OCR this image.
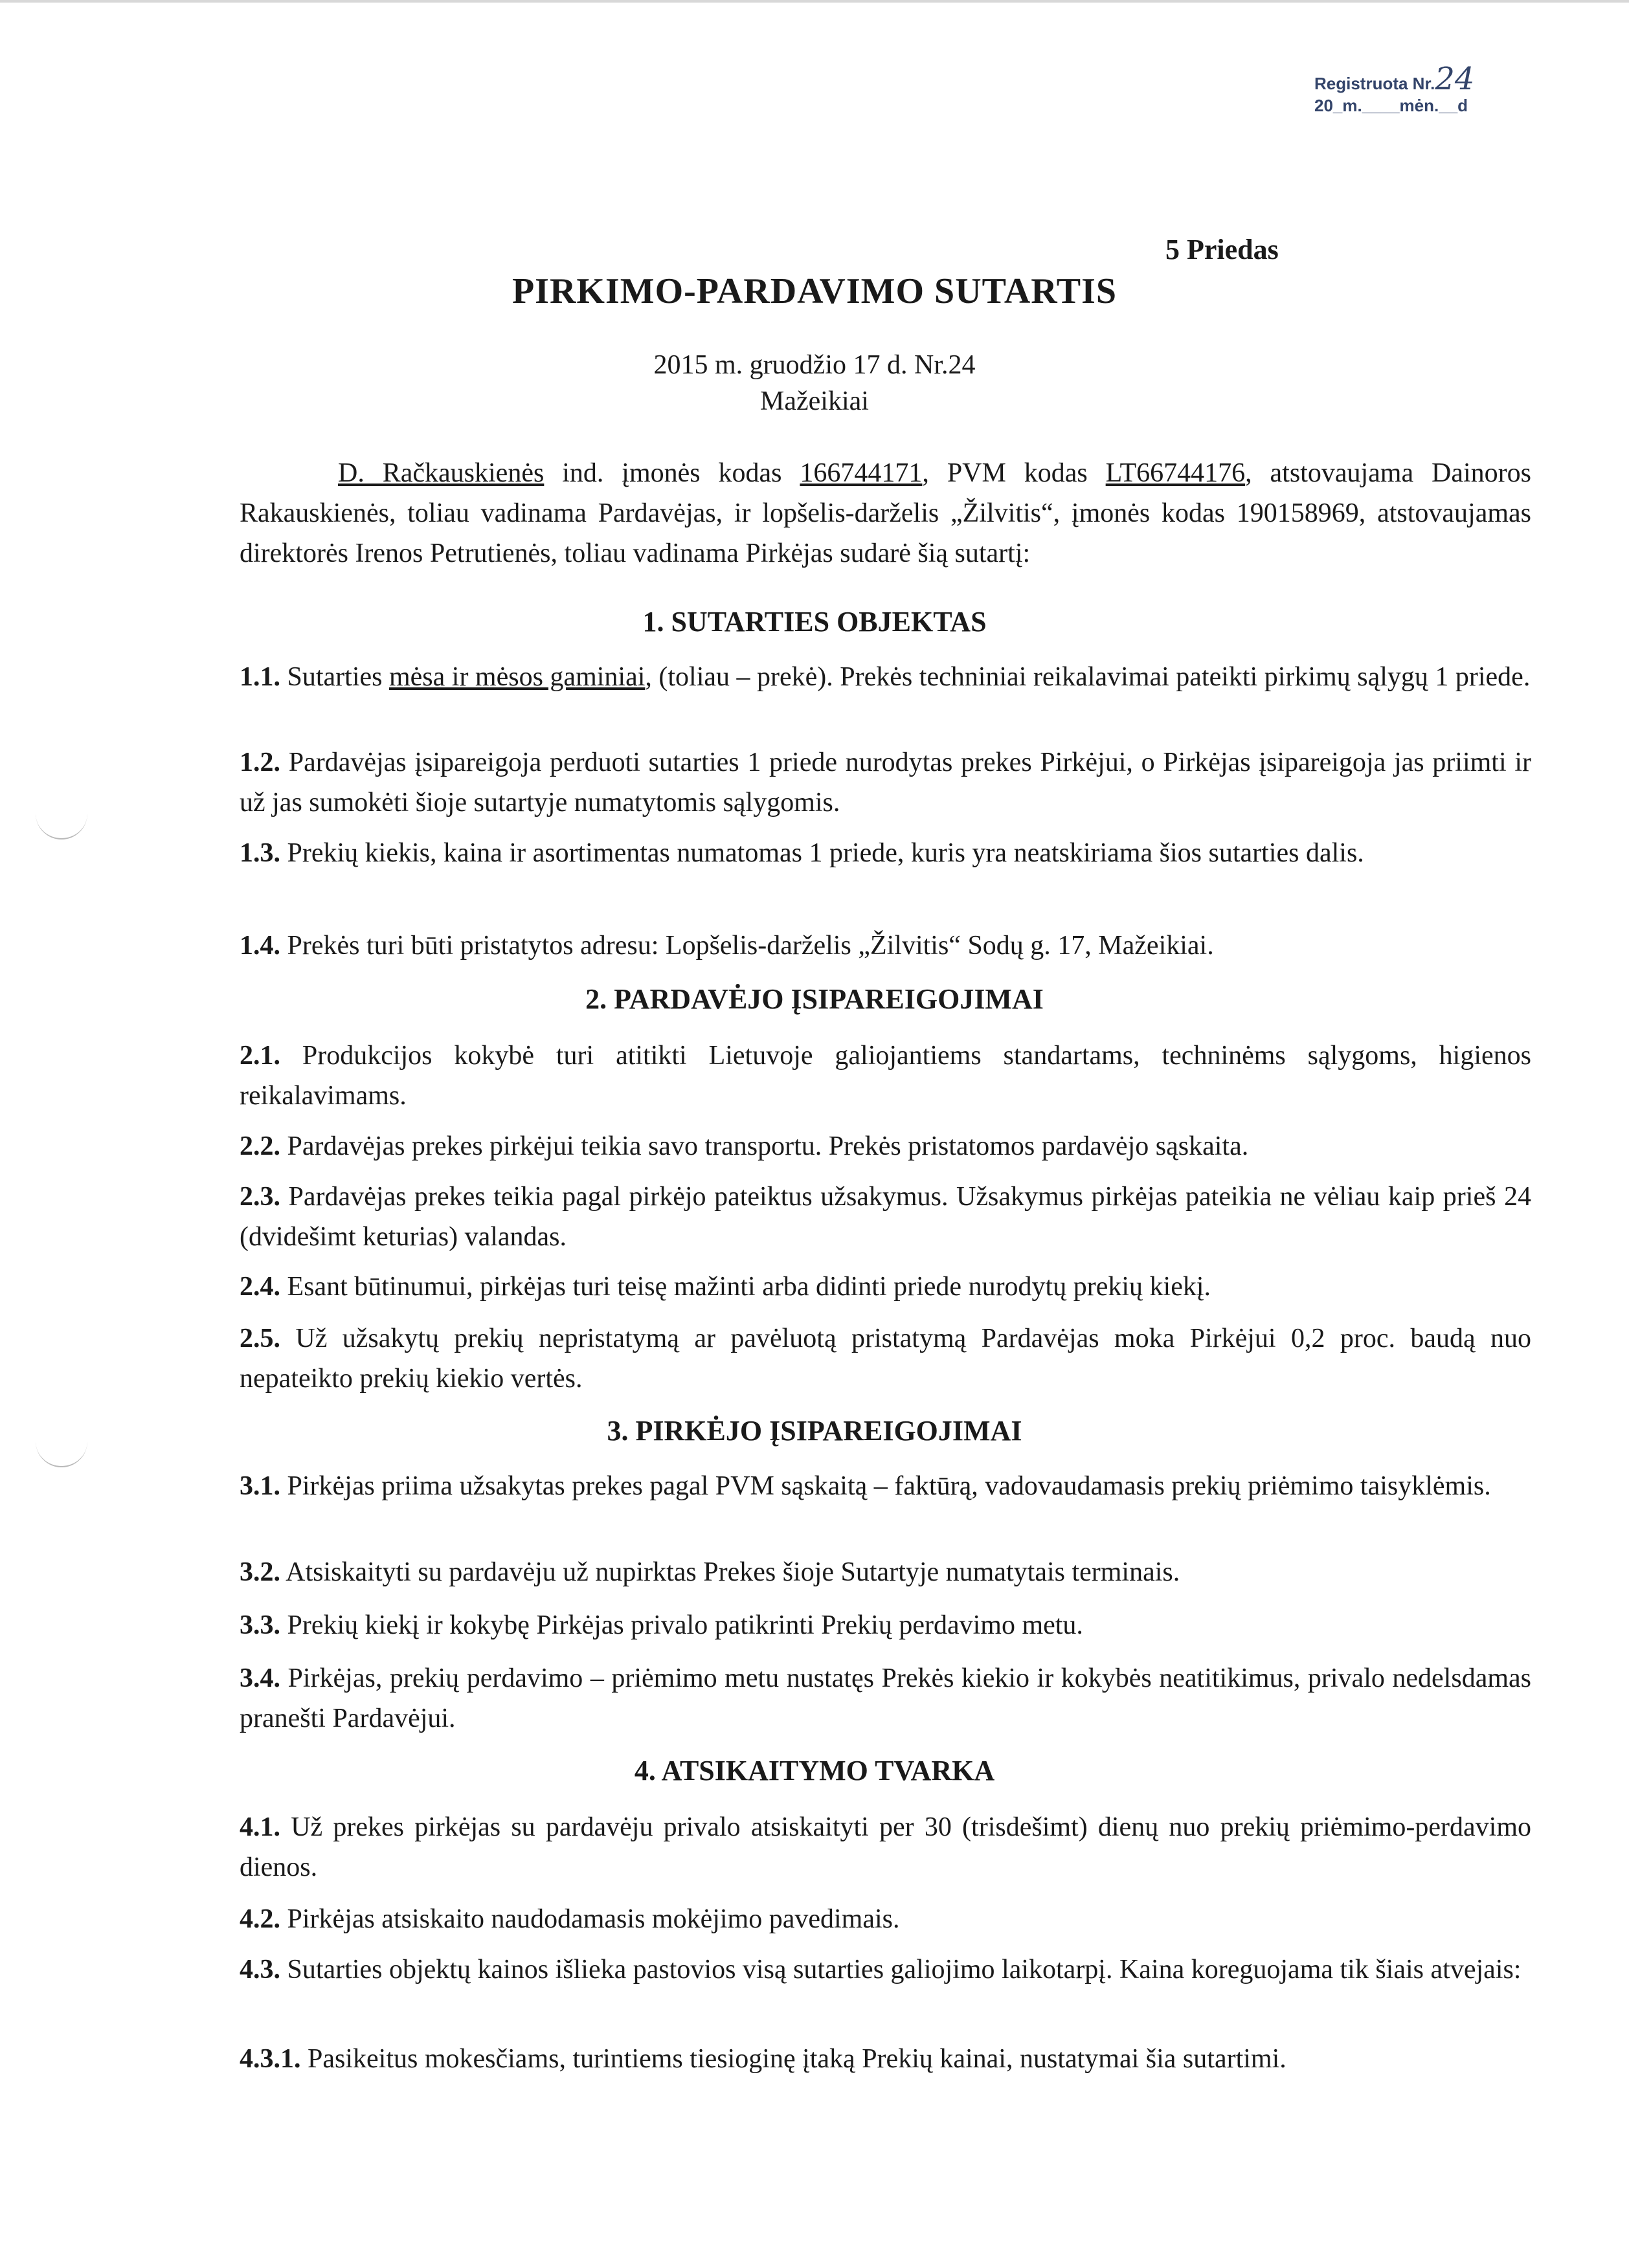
Registruota Nr.24
20_m.____mėn.__d
5 Priedas
PIRKIMO-PARDAVIMO SUTARTIS
2015 m. gruodžio 17 d. Nr.24
Mažeikiai

D. Račkauskienės ind. įmonės kodas 166744171, PVM kodas LT66744176, atstovaujama Dainoros Rakauskienės, toliau vadinama Pardavėjas, ir lopšelis-darželis „Žilvitis“, įmonės kodas 190158969, atstovaujamas direktorės Irenos Petrutienės, toliau vadinama Pirkėjas sudarė šią sutartį:

1. SUTARTIES OBJEKTAS

1.1. Sutarties mėsa ir mėsos gaminiai, (toliau – prekė). Prekės techniniai reikalavimai pateikti pirkimų sąlygų 1 priede.

1.2. Pardavėjas įsipareigoja perduoti sutarties 1 priede nurodytas prekes Pirkėjui, o Pirkėjas įsipareigoja jas priimti ir už jas sumokėti šioje sutartyje numatytomis sąlygomis.

1.3. Prekių kiekis, kaina ir asortimentas numatomas 1 priede, kuris yra neatskiriama šios sutarties dalis.

1.4. Prekės turi būti pristatytos adresu: Lopšelis-darželis „Žilvitis“ Sodų g. 17, Mažeikiai.

2. PARDAVĖJO ĮSIPAREIGOJIMAI

2.1. Produkcijos kokybė turi atitikti Lietuvoje galiojantiems standartams, techninėms sąlygoms, higienos reikalavimams.

2.2. Pardavėjas prekes pirkėjui teikia savo transportu. Prekės pristatomos pardavėjo sąskaita.

2.3. Pardavėjas prekes teikia pagal pirkėjo pateiktus užsakymus. Užsakymus pirkėjas pateikia ne vėliau kaip prieš 24 (dvidešimt keturias) valandas.

2.4. Esant būtinumui, pirkėjas turi teisę mažinti arba didinti priede nurodytų prekių kiekį.

2.5. Už užsakytų prekių nepristatymą ar pavėluotą pristatymą Pardavėjas moka Pirkėjui 0,2 proc. baudą nuo nepateikto prekių kiekio vertės.

3. PIRKĖJO ĮSIPAREIGOJIMAI

3.1. Pirkėjas priima užsakytas prekes pagal PVM sąskaitą – faktūrą, vadovaudamasis prekių priėmimo taisyklėmis.

3.2. Atsiskaityti su pardavėju už nupirktas Prekes šioje Sutartyje numatytais terminais.

3.3. Prekių kiekį ir kokybę Pirkėjas privalo patikrinti Prekių perdavimo metu.

3.4. Pirkėjas, prekių perdavimo – priėmimo metu nustatęs Prekės kiekio ir kokybės neatitikimus, privalo nedelsdamas pranešti Pardavėjui.

4. ATSIKAITYMO TVARKA

4.1. Už prekes pirkėjas su pardavėju privalo atsiskaityti per 30 (trisdešimt) dienų nuo prekių priėmimo-perdavimo dienos.

4.2. Pirkėjas atsiskaito naudodamasis mokėjimo pavedimais.

4.3. Sutarties objektų kainos išlieka pastovios visą sutarties galiojimo laikotarpį. Kaina koreguojama tik šiais atvejais:

4.3.1. Pasikeitus mokesčiams, turintiems tiesioginę įtaką Prekių kainai, nustatymai šia sutartimi.
